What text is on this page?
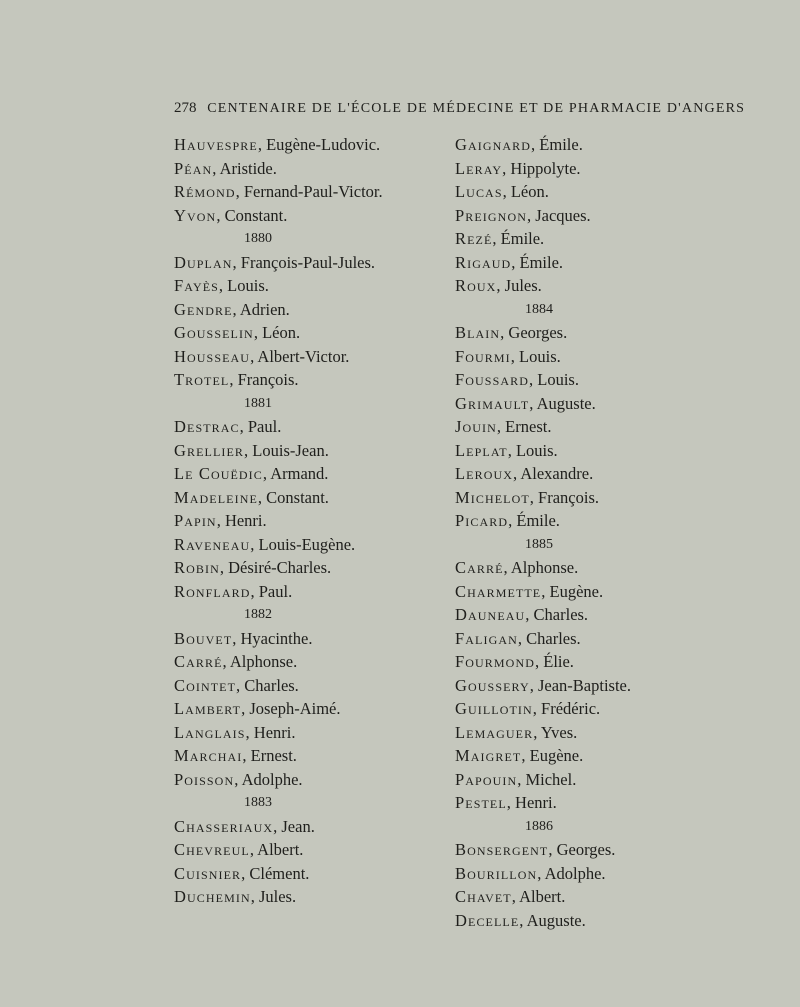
278 CENTENAIRE DE L'ÉCOLE DE MÉDECINE ET DE PHARMACIE D'ANGERS
Hauvespre, Eugène-Ludovic.
Péan, Aristide.
Rémond, Fernand-Paul-Victor.
Yvon, Constant.
1880
Duplan, François-Paul-Jules.
Fayès, Louis.
Gendre, Adrien.
Gousselin, Léon.
Housseau, Albert-Victor.
Trotel, François.
1881
Destrac, Paul.
Grellier, Louis-Jean.
Le Couëdic, Armand.
Madeleine, Constant.
Papin, Henri.
Raveneau, Louis-Eugène.
Robin, Désiré-Charles.
Ronflard, Paul.
1882
Bouvet, Hyacinthe.
Carré, Alphonse.
Cointet, Charles.
Lambert, Joseph-Aimé.
Langlais, Henri.
Marchai, Ernest.
Poisson, Adolphe.
1883
Chasseriaux, Jean.
Chevreul, Albert.
Cuisnier, Clément.
Duchemin, Jules.
Gaignard, Émile.
Leray, Hippolyte.
Lucas, Léon.
Preignon, Jacques.
Rezé, Émile.
Rigaud, Émile.
Roux, Jules.
1884
Blain, Georges.
Fourmi, Louis.
Foussard, Louis.
Grimault, Auguste.
Jouin, Ernest.
Leplat, Louis.
Leroux, Alexandre.
Michelot, François.
Picard, Émile.
1885
Carré, Alphonse.
Charmette, Eugène.
Dauneau, Charles.
Faligan, Charles.
Fourmond, Élie.
Goussery, Jean-Baptiste.
Guillotin, Frédéric.
Lemaguer, Yves.
Maigret, Eugène.
Papouin, Michel.
Pestel, Henri.
1886
Bonsergent, Georges.
Bourillon, Adolphe.
Chavet, Albert.
Decelle, Auguste.
